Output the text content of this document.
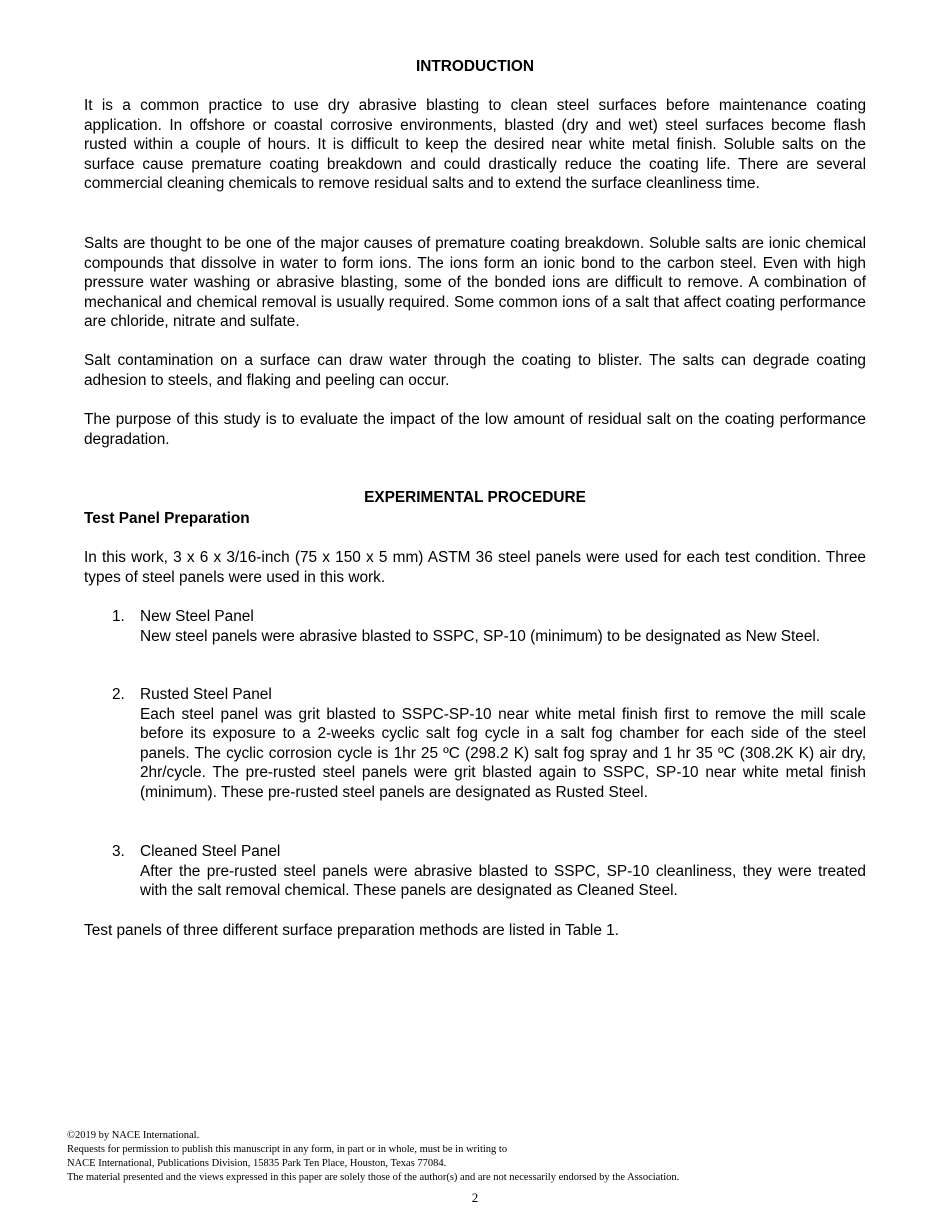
INTRODUCTION

It is a common practice to use dry abrasive blasting to clean steel surfaces before maintenance coating application. In offshore or coastal corrosive environments, blasted (dry and wet) steel surfaces become flash rusted within a couple of hours. It is difficult to keep the desired near white metal finish. Soluble salts on the surface cause premature coating breakdown and could drastically reduce the coating life. There are several commercial cleaning chemicals to remove residual salts and to extend the surface cleanliness time.

Salts are thought to be one of the major causes of premature coating breakdown. Soluble salts are ionic chemical compounds that dissolve in water to form ions. The ions form an ionic bond to the carbon steel. Even with high pressure water washing or abrasive blasting, some of the bonded ions are difficult to remove. A combination of mechanical and chemical removal is usually required. Some common ions of a salt that affect coating performance are chloride, nitrate and sulfate.

Salt contamination on a surface can draw water through the coating to blister. The salts can degrade coating adhesion to steels, and flaking and peeling can occur.

The purpose of this study is to evaluate the impact of the low amount of residual salt on the coating performance degradation.

EXPERIMENTAL PROCEDURE
Test Panel Preparation

In this work, 3 x 6 x 3/16-inch (75 x 150 x 5 mm) ASTM 36 steel panels were used for each test condition. Three types of steel panels were used in this work.

1. New Steel Panel

New steel panels were abrasive blasted to SSPC, SP-10 (minimum) to be designated as New Steel.

2. Rusted Steel Panel

Each steel panel was grit blasted to SSPC-SP-10 near white metal finish first to remove the mill scale before its exposure to a 2-weeks cyclic salt fog cycle in a salt fog chamber for each side of the steel panels. The cyclic corrosion cycle is 1hr 25 ºC (298.2 K) salt fog spray and 1 hr 35 ºC (308.2K K) air dry, 2hr/cycle. The pre-rusted steel panels were grit blasted again to SSPC, SP-10 near white metal finish (minimum). These pre-rusted steel panels are designated as Rusted Steel.

3. Cleaned Steel Panel

After the pre-rusted steel panels were abrasive blasted to SSPC, SP-10 cleanliness, they were treated with the salt removal chemical. These panels are designated as Cleaned Steel.

Test panels of three different surface preparation methods are listed in Table 1.

©2019 by NACE International.
Requests for permission to publish this manuscript in any form, in part or in whole, must be in writing to
NACE International, Publications Division, 15835 Park Ten Place, Houston, Texas 77084.
The material presented and the views expressed in this paper are solely those of the author(s) and are not necessarily endorsed by the Association.
2
